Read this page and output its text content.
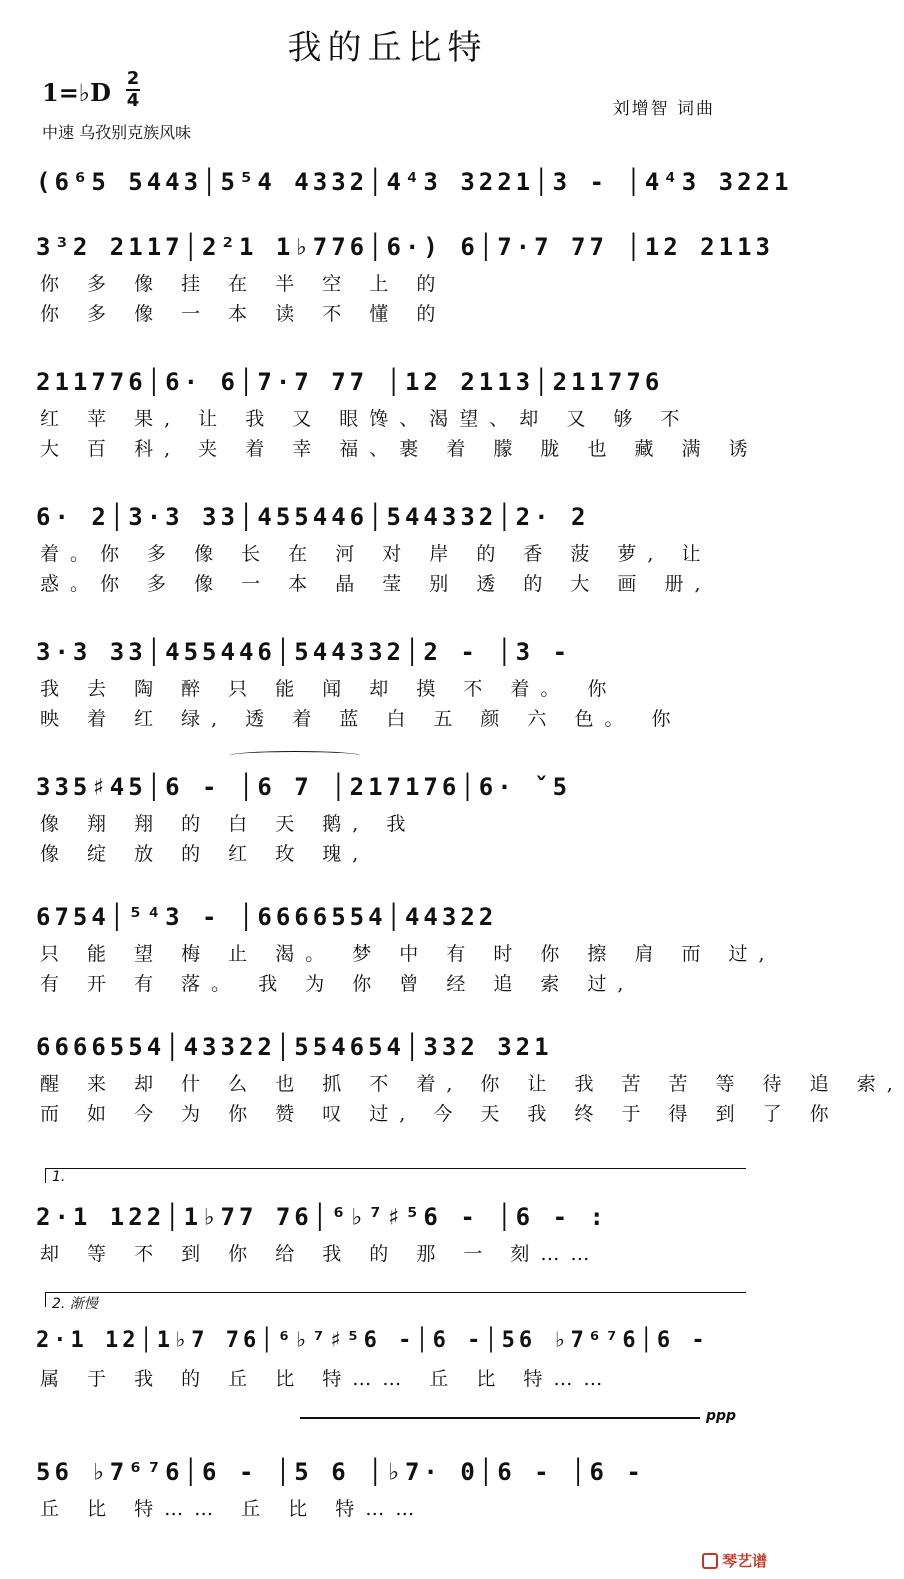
我的丘比特
1=♭D 2
4
中速 乌孜别克族风味
刘增智 词曲
(6⁶5 5443│5⁵4 4332│4⁴3 3221│3 - │4⁴3 3221
3³2 2117│2²1 1♭776│6·) 6│7·7 77 │12 2113
你 多 像 挂 在 半 空 上 的
你 多 像 一 本 读 不 懂 的
211776│6· 6│7·7 77 │12 2113│211776
红 苹 果, 让 我 又 眼馋、渴望、却 又 够 不
大 百 科, 夹 着 幸 福、裹 着 朦 胧 也 藏 满 诱
6· 2│3·3 33│455446│544332│2· 2
着。你 多 像 长 在 河 对 岸 的 香 菠 萝, 让
惑。你 多 像 一 本 晶 莹 别 透 的 大 画 册,
3·3 33│455446│544332│2 - │3 -
我 去 陶 醉 只 能 闻 却 摸 不 着。 你
映 着 红 绿, 透 着 蓝 白 五 颜 六 色。 你
335♯45│6 - │6 7 │217176│6· ˇ5
像 翔 翔 的 白 天 鹅, 我
像 绽 放 的 红 玫 瑰,
6754│⁵⁴3 - │6666554│44322
只 能 望 梅 止 渴。 梦 中 有 时 你 擦 肩 而 过,
有 开 有 落。 我 为 你 曾 经 追 索 过,
6666554│43322│554654│332 321
醒 来 却 什 么 也 抓 不 着, 你 让 我 苦 苦 等 待 追 索,
而 如 今 为 你 赞 叹 过, 今 天 我 终 于 得 到 了 你
1.
2·1 122│1♭77 76│⁶♭⁷♯⁵6 - │6 - :
却 等 不 到 你 给 我 的 那 一 刻……
2. 渐慢
2·1 12│1♭7 76│⁶♭⁷♯⁵6 -│6 -│56 ♭7⁶⁷6│6 -
属 于 我 的 丘 比 特…… 丘 比 特……
ppp
56 ♭7⁶⁷6│6 - │5 6 │♭7· 0│6 - │6 -
丘 比 特…… 丘 比 特……
琴艺谱
